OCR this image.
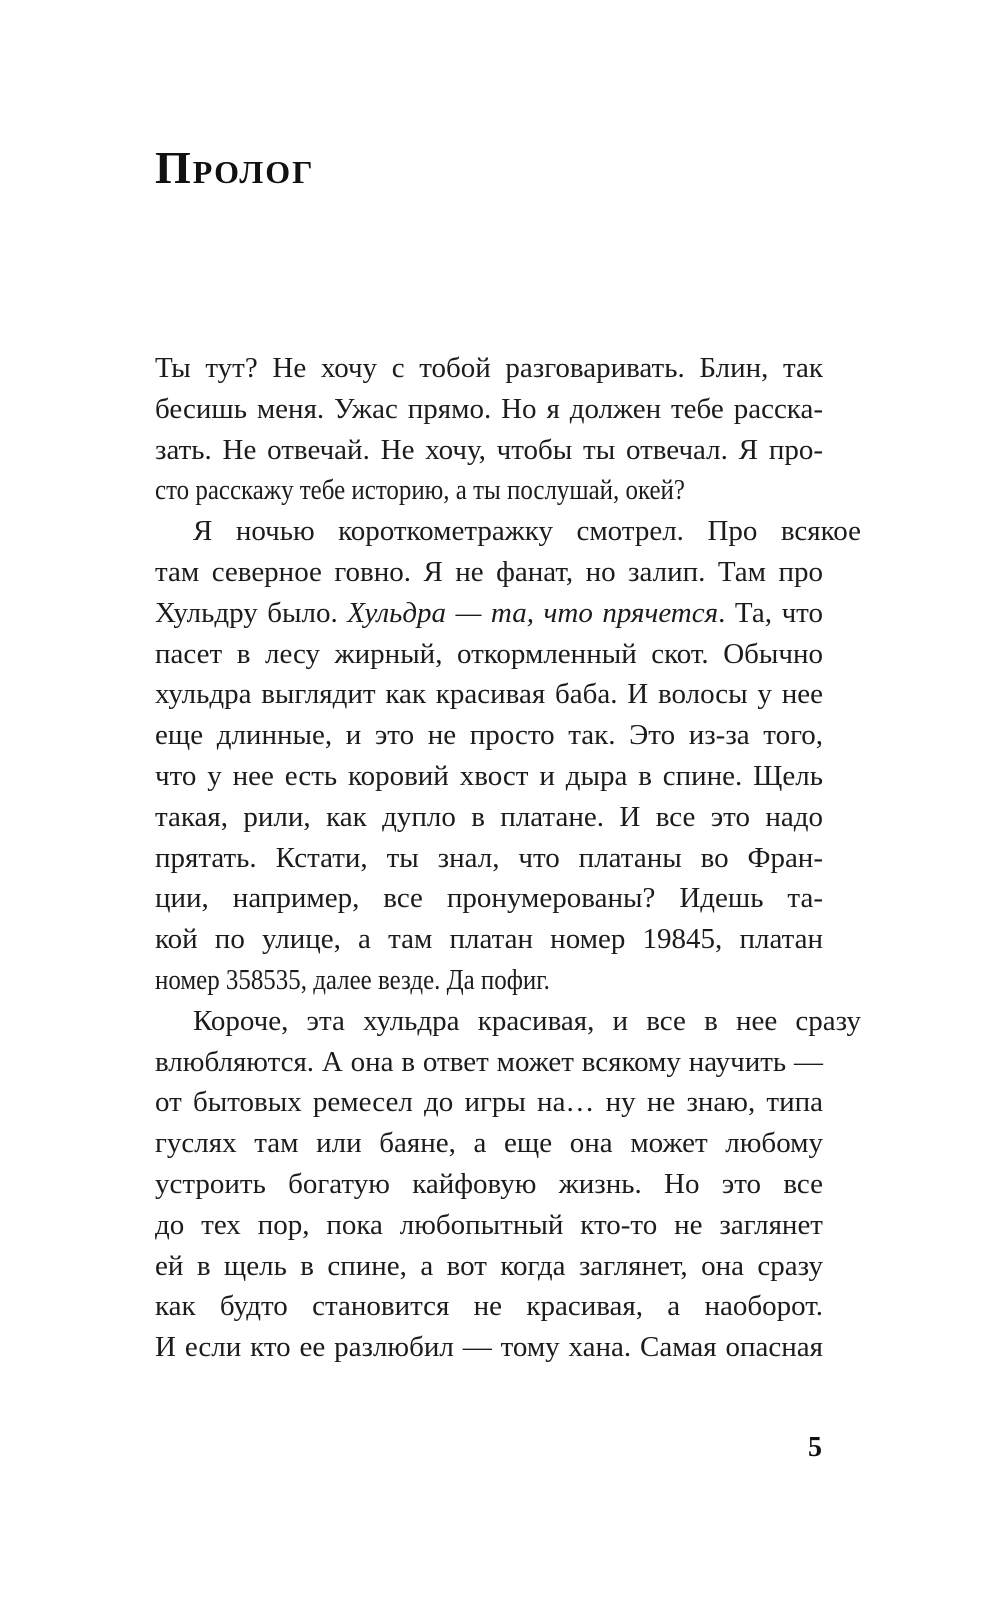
Пролог
Ты тут? Не хочу с тобой разговаривать. Блин, так
бесишь меня. Ужас прямо. Но я должен тебе расска-
зать. Не отвечай. Не хочу, чтобы ты отвечал. Я про-
сто расскажу тебе историю, а ты послушай, окей?
Я ночью короткометражку смотрел. Про всякое
там северное говно. Я не фанат, но залип. Там про
Хульдру было. Хульдра — та, что прячется. Та, что
пасет в лесу жирный, откормленный скот. Обычно
хульдра выглядит как красивая баба. И волосы у нее
еще длинные, и это не просто так. Это из-за того,
что у нее есть коровий хвост и дыра в спине. Щель
такая, рили, как дупло в платане. И все это надо
прятать. Кстати, ты знал, что платаны во Фран-
ции, например, все пронумерованы? Идешь та-
кой по улице, а там платан номер 19845, платан
номер 358535, далее везде. Да пофиг.
Короче, эта хульдра красивая, и все в нее сразу
влюбляются. А она в ответ может всякому научить —
от бытовых ремесел до игры на… ну не знаю, типа
гуслях там или баяне, а еще она может любому
устроить богатую кайфовую жизнь. Но это все
до тех пор, пока любопытный кто-то не заглянет
ей в щель в спине, а вот когда заглянет, она сразу
как будто становится не красивая, а наоборот.
И если кто ее разлюбил — тому хана. Самая опасная
5
